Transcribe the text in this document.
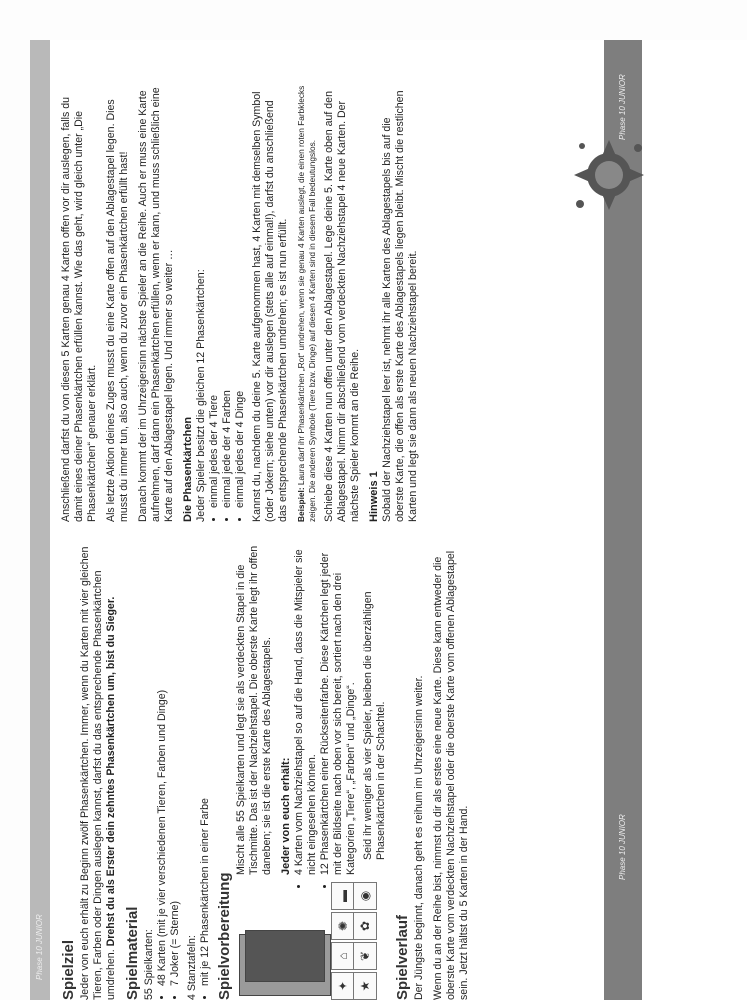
Phase 10 JUNIOR Spielziel Jeder von euch erhält zu Beginn zwölf Phasenkärtchen. Immer, wenn du Karten mit vier gleichen Tieren, Farben oder Dingen auslegen kannst, darfst du das entsprechende Phasenkärtchen umdrehen. Drehst du als Erster dein zehntes Phasenkärtchen um, bist du Sieger.

Spielmaterial 55 Spielkarten: • 48 Karten (mit je vier verschiedenen Tieren, Farben und Dinge) • 7 Joker (= Sterne) 4 Stanztafeln: • mit je 12 Phasenkärtchen in einer Farbe Spielvorbereitung	✦
⌂
✺
▬
★
❦
✿
◉

Mischt alle 55 Spielkarten und legt sie als verdeckten Stapel in die Tischmitte. Das ist der Nachziehstapel. Die oberste Karte legt ihr offen daneben; sie ist die erste Karte des Ablagestapels. Jeder von euch erhält: • 4 Karten vom Nachziehstapel so auf die Hand, dass die Mitspieler sie nicht eingesehen können. • 12 Phasenkärtchen einer Rückseitenfarbe. Diese Kärtchen legt jeder mit der Bildseite nach oben vor sich bereit, sortiert nach den drei Kategorien „Tiere“, „Farben“ und „Dinge“. Seid ihr weniger als vier Spieler, bleiben die überzähligen Phasenkärtchen in der Schachtel.

Spielverlauf Der Jüngste beginnt, danach geht es reihum im Uhrzeigersinn weiter. Wenn du an der Reihe bist, nimmst du dir als erstes eine neue Karte. Diese kann entweder die oberste Karte vom verdeckten Nachziehstapel oder die oberste Karte vom offenen Ablagestapel sein. Jetzt hältst du 5 Karten in der Hand.

Anschließend darfst du von diesen 5 Karten genau 4 Karten offen vor dir auslegen, falls du damit eines deiner Phasenkärtchen erfüllen kannst. Wie das geht, wird gleich unter „Die Phasenkärtchen“ genauer erklärt. Als letzte Aktion deines Zuges musst du eine Karte offen auf den Ablagestapel legen. Dies musst du immer tun, also auch, wenn du zuvor ein Phasenkärtchen erfüllt hast! Danach kommt der im Uhrzeigersinn nächste Spieler an die Reihe. Auch er muss eine Karte aufnehmen, darf dann ein Phasenkärtchen erfüllen, wenn er kann, und muss schließlich eine Karte auf den Ablagestapel legen. Und immer so weiter … Die Phasenkärtchen Jeder Spieler besitzt die gleichen 12 Phasenkärtchen: • einmal jedes der 4 Tiere • einmal jede der 4 Farben • einmal jedes der 4 Dinge Kannst du, nachdem du deine 5. Karte aufgenommen hast, 4 Karten mit demselben Symbol (oder Jokern; siehe unten) vor dir auslegen (stets alle auf einmal!), darfst du anschließend das entsprechende Phasenkärtchen umdrehen; es ist nun erfüllt. Beispiel: Laura darf ihr Phasenkärtchen „Rot“ umdrehen, wenn sie genau 4 Karten auslegt, die einen roten Farbklecks zeigen. Die anderen Symbole (Tiere bzw. Dinge) auf diesen 4 Karten sind in diesem Fall bedeutungslos. Schiebe diese 4 Karten nun offen unter den Ablagestapel. Lege deine 5. Karte oben auf den Ablagestapel. Nimm dir abschließend vom verdeckten Nachziehstapel 4 neue Karten. Der nächste Spieler kommt an die Reihe. Hinweis 1 Sobald der Nachziehstapel leer ist, nehmt ihr alle Karten des Ablagestapels bis auf die oberste Karte, die offen als erste Karte des Ablagestapels liegen bleibt. Mischt die restlichen Karten und legt sie dann als neuen Nachziehstapel bereit.

Phase 10 JUNIOR
Phase 10 JUNIOR
